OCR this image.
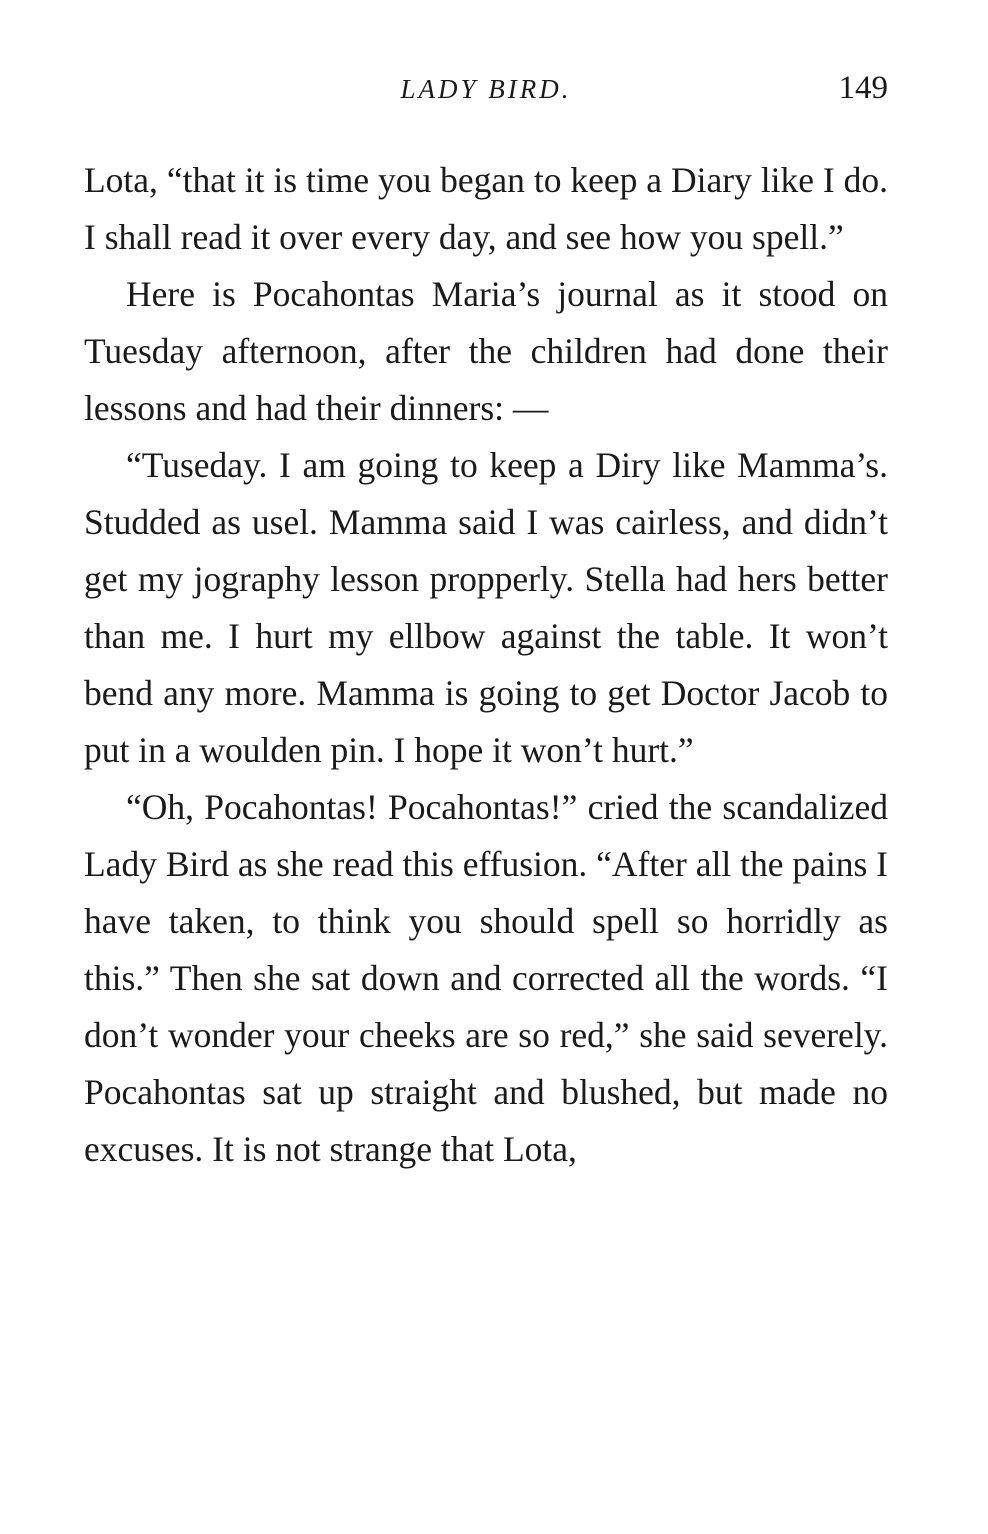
LADY BIRD.	149

Lota, “that it is time you began to keep a Diary like I do. I shall read it over every day, and see how you spell.”

Here is Pocahontas Maria’s journal as it stood on Tuesday afternoon, after the children had done their lessons and had their dinners: —

“Tuseday. I am going to keep a Diry like Mamma’s. Studded as usel. Mamma said I was cairless, and didn’t get my jography lesson propperly. Stella had hers better than me. I hurt my ellbow against the table. It won’t bend any more. Mamma is going to get Doctor Jacob to put in a woulden pin. I hope it won’t hurt.”

“Oh, Pocahontas! Pocahontas!” cried the scandalized Lady Bird as she read this effusion. “After all the pains I have taken, to think you should spell so horridly as this.” Then she sat down and corrected all the words. “I don’t wonder your cheeks are so red,” she said severely. Pocahontas sat up straight and blushed, but made no excuses. It is not strange that Lota,
